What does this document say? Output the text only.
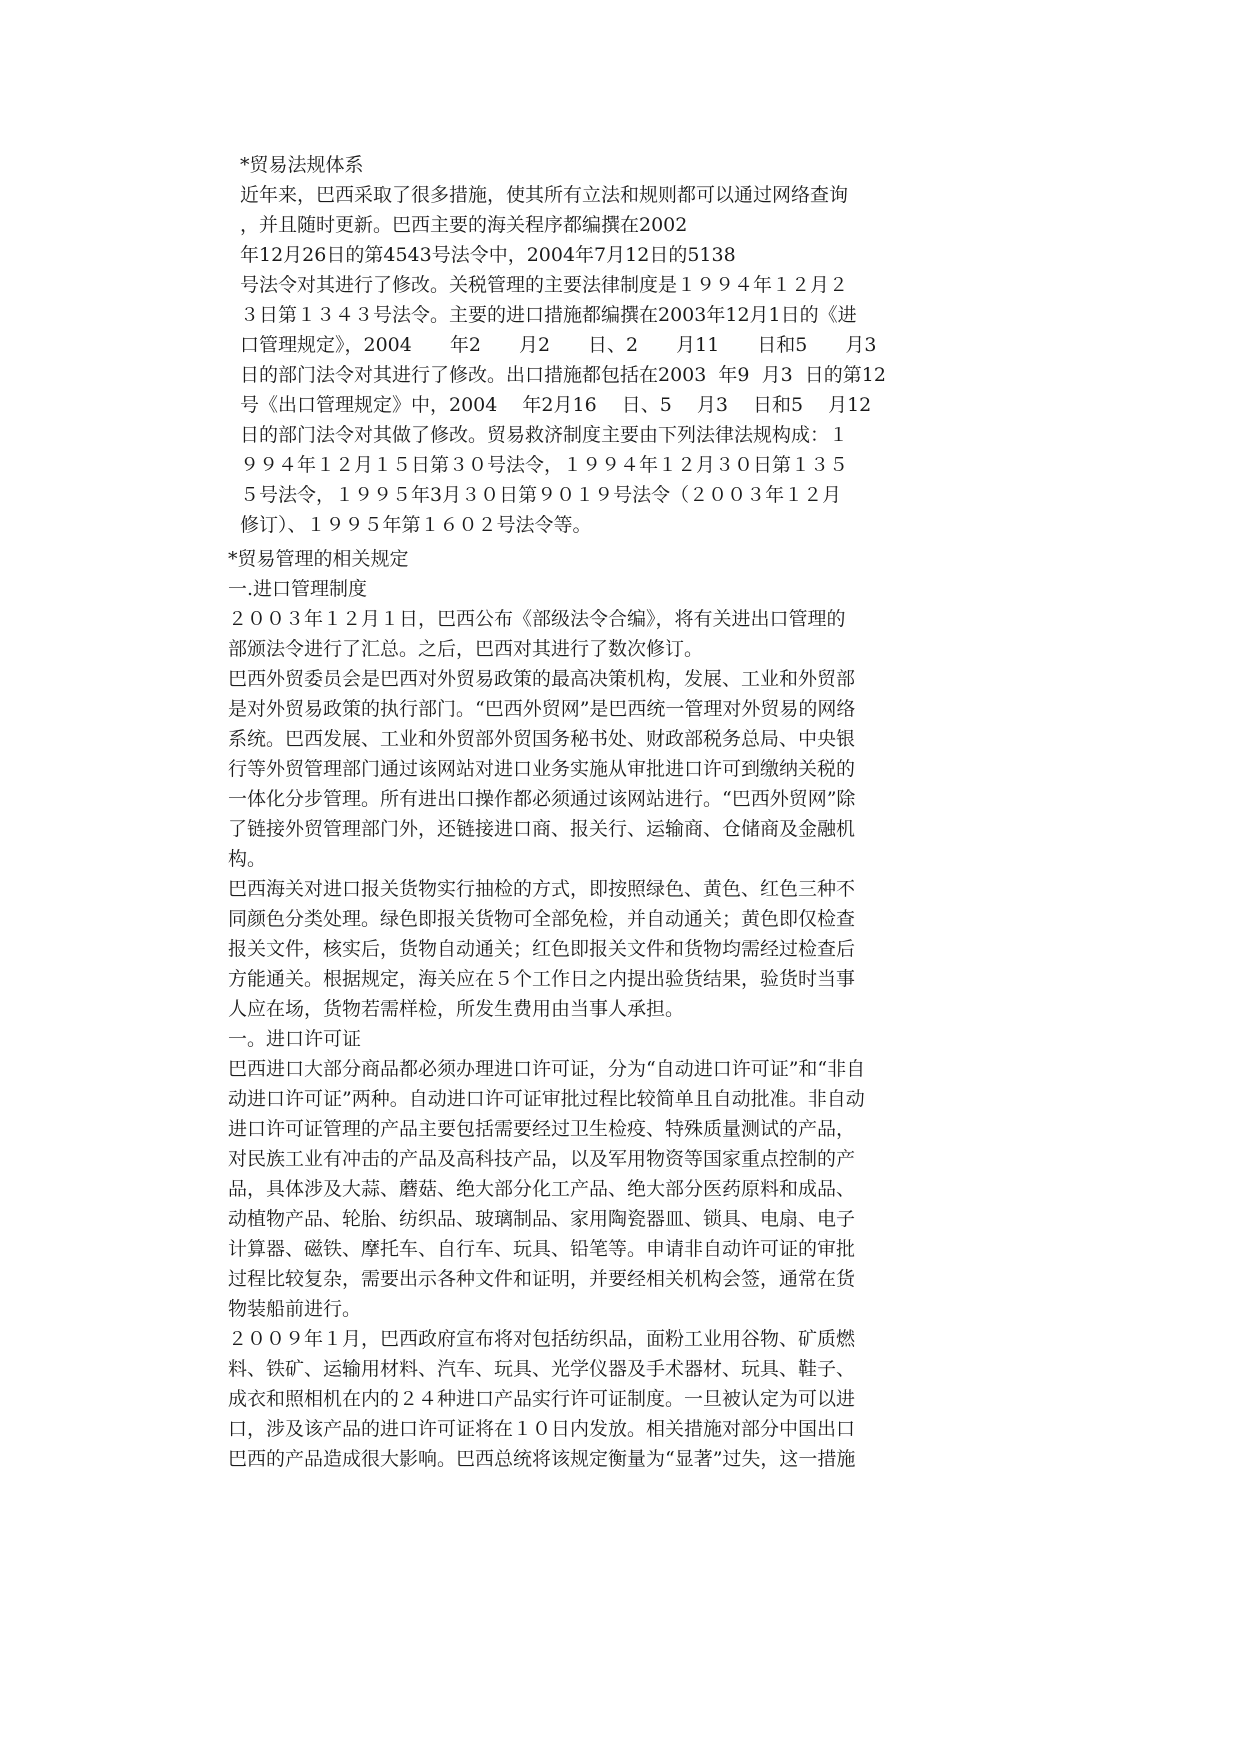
*贸易法规体系
近年来，巴西采取了很多措施，使其所有立法和规则都可以通过网络查询
，并且随时更新。巴西主要的海关程序都编撰在2002
年12月26日的第4543号法令中，2004年7月12日的5138
号法令对其进行了修改。关税管理的主要法律制度是１９９４年１２月２
３日第１３４３号法令。主要的进口措施都编撰在2003年12月1日的《进
口管理规定》，2004　　年2　　月2　　日、2　　月11　　日和5　　月3
日的部门法令对其进行了修改。出口措施都包括在2003  年9  月3  日的第12
号《出口管理规定》中，2004　 年2月16　 日、5　 月3　 日和5　 月12
日的部门法令对其做了修改。贸易救济制度主要由下列法律法规构成：１
９９４年１２月１５日第３０号法令，１９９４年１２月３０日第１３５
５号法令，１９９５年3月３０日第９０１９号法令（２００３年１２月
修订）、１９９５年第１６０２号法令等。
*贸易管理的相关规定
一.进口管理制度
２００３年１２月１日，巴西公布《部级法令合编》，将有关进出口管理的
部颁法令进行了汇总。之后，巴西对其进行了数次修订。
巴西外贸委员会是巴西对外贸易政策的最高决策机构，发展、工业和外贸部
是对外贸易政策的执行部门。“巴西外贸网”是巴西统一管理对外贸易的网络
系统。巴西发展、工业和外贸部外贸国务秘书处、财政部税务总局、中央银
行等外贸管理部门通过该网站对进口业务实施从审批进口许可到缴纳关税的
一体化分步管理。所有进出口操作都必须通过该网站进行。“巴西外贸网”除
了链接外贸管理部门外，还链接进口商、报关行、运输商、仓储商及金融机
构。
巴西海关对进口报关货物实行抽检的方式，即按照绿色、黄色、红色三种不
同颜色分类处理。绿色即报关货物可全部免检，并自动通关；黄色即仅检查
报关文件，核实后，货物自动通关；红色即报关文件和货物均需经过检查后
方能通关。根据规定，海关应在５个工作日之内提出验货结果，验货时当事
人应在场，货物若需样检，所发生费用由当事人承担。
一。进口许可证
巴西进口大部分商品都必须办理进口许可证，分为“自动进口许可证”和“非自
动进口许可证”两种。自动进口许可证审批过程比较简单且自动批准。非自动
进口许可证管理的产品主要包括需要经过卫生检疫、特殊质量测试的产品，
对民族工业有冲击的产品及高科技产品，以及军用物资等国家重点控制的产
品，具体涉及大蒜、蘑菇、绝大部分化工产品、绝大部分医药原料和成品、
动植物产品、轮胎、纺织品、玻璃制品、家用陶瓷器皿、锁具、电扇、电子
计算器、磁铁、摩托车、自行车、玩具、铅笔等。申请非自动许可证的审批
过程比较复杂，需要出示各种文件和证明，并要经相关机构会签，通常在货
物装船前进行。
２００９年１月，巴西政府宣布将对包括纺织品，面粉工业用谷物、矿质燃
料、铁矿、运输用材料、汽车、玩具、光学仪器及手术器材、玩具、鞋子、
成衣和照相机在内的２４种进口产品实行许可证制度。一旦被认定为可以进
口，涉及该产品的进口许可证将在１０日内发放。相关措施对部分中国出口
巴西的产品造成很大影响。巴西总统将该规定衡量为“显著”过失，这一措施
